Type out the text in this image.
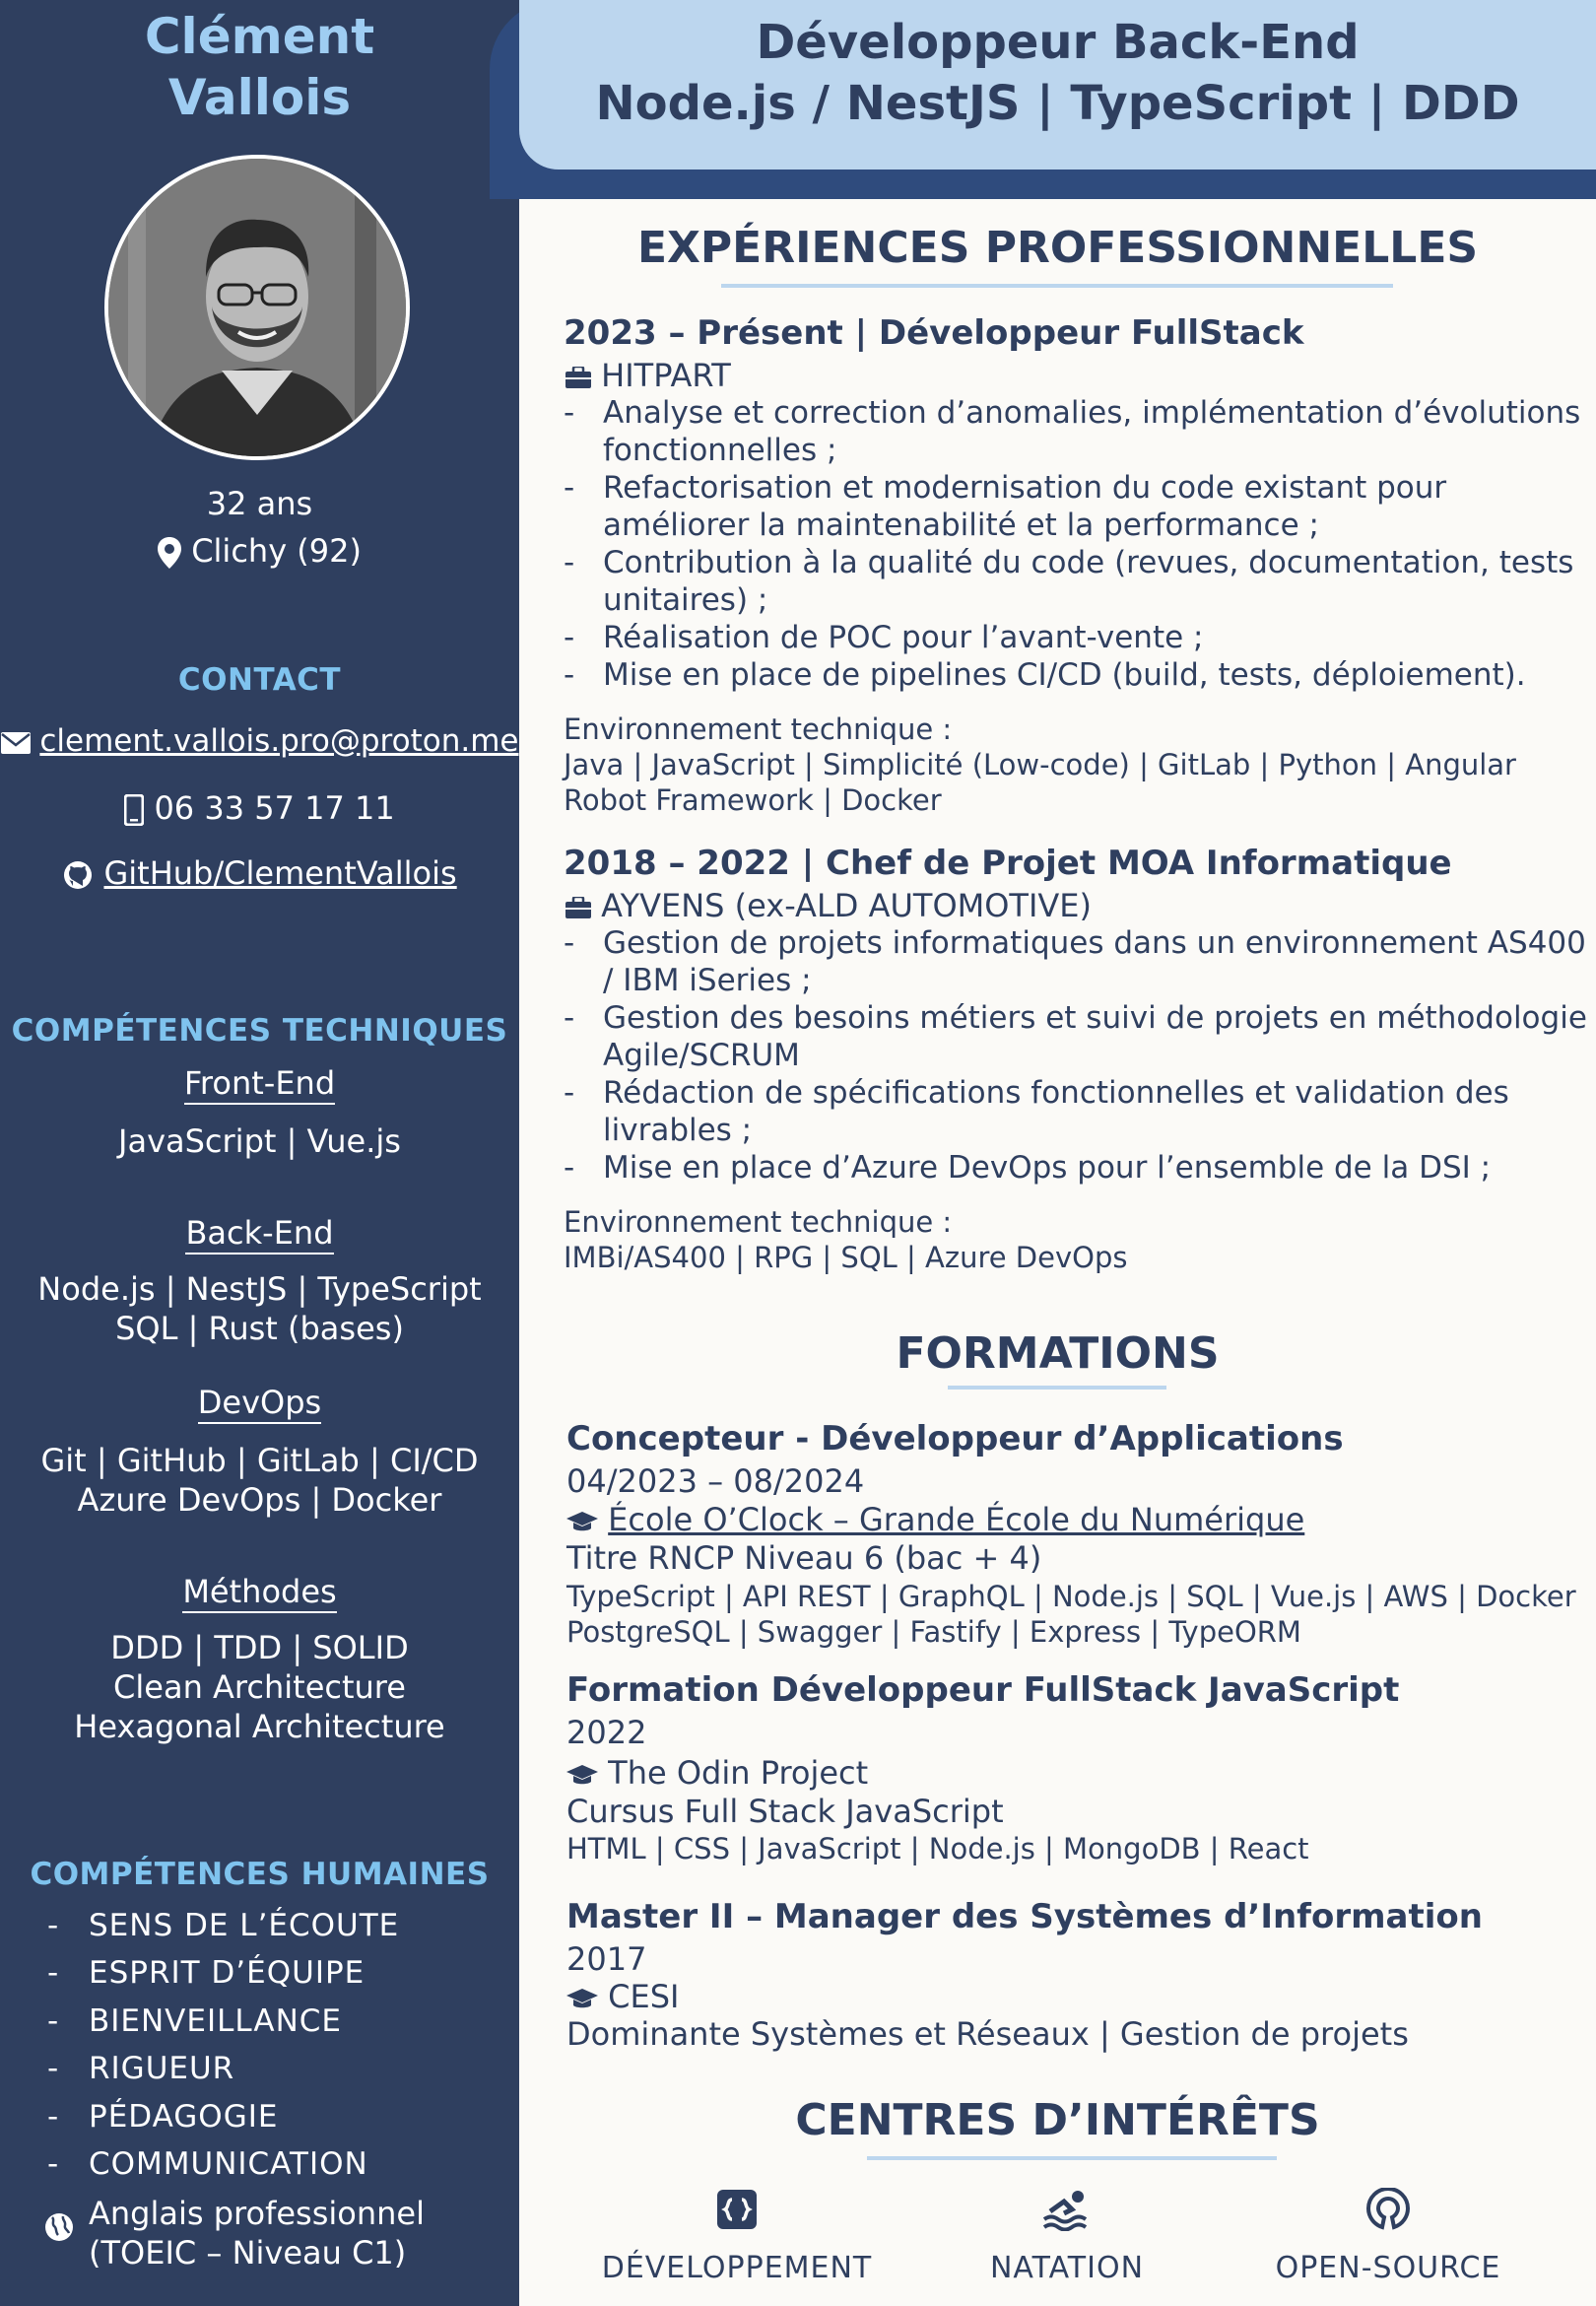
Clément
Vallois
32 ans
Clichy (92)
CONTACT
clement.vallois.pro@proton.me
06 33 57 17 11
GitHub/ClementVallois
COMPÉTENCES TECHNIQUES
Front-End
JavaScript | Vue.js
Back-End
Node.js | NestJS | TypeScript
SQL | Rust (bases)
DevOps
Git | GitHub | GitLab | CI/CD
Azure DevOps | Docker
Méthodes
DDD | TDD | SOLID
Clean Architecture
Hexagonal Architecture
COMPÉTENCES HUMAINES
- SENS DE L’ÉCOUTE
- ESPRIT D’ÉQUIPE
- BIENVEILLANCE
- RIGUEUR
- PÉDAGOGIE
- COMMUNICATION
Anglais professionnel
(TOEIC – Niveau C1)
Développeur Back-End
Node.js / NestJS | TypeScript | DDD
EXPÉRIENCES PROFESSIONNELLES
2023 – Présent | Développeur FullStack
HITPART
- Analyse et correction d’anomalies, implémentation d’évolutions fonctionnelles ;
- Refactorisation et modernisation du code existant pour améliorer la maintenabilité et la performance ;
- Contribution à la qualité du code (revues, documentation, tests unitaires) ;
- Réalisation de POC pour l’avant-vente ;
- Mise en place de pipelines CI/CD (build, tests, déploiement).
Environnement technique :
Java | JavaScript | Simplicité (Low-code) | GitLab | Python | Angular
Robot Framework | Docker
2018 – 2022 | Chef de Projet MOA Informatique
AYVENS (ex-ALD AUTOMOTIVE)
- Gestion de projets informatiques dans un environnement AS400 / IBM iSeries ;
- Gestion des besoins métiers et suivi de projets en méthodologie Agile/SCRUM
- Rédaction de spécifications fonctionnelles et validation des livrables ;
- Mise en place d’Azure DevOps pour l’ensemble de la DSI ;
Environnement technique :
IMBi/AS400 | RPG | SQL | Azure DevOps
FORMATIONS
Concepteur - Développeur d’Applications
04/2023 – 08/2024
École O’Clock – Grande École du Numérique
Titre RNCP Niveau 6 (bac + 4)
TypeScript | API REST | GraphQL | Node.js | SQL | Vue.js | AWS | Docker
PostgreSQL | Swagger | Fastify | Express | TypeORM
Formation Développeur FullStack JavaScript
2022
The Odin Project
Cursus Full Stack JavaScript
HTML | CSS | JavaScript | Node.js | MongoDB | React
Master II – Manager des Systèmes d’Information
2017
CESI
Dominante Systèmes et Réseaux | Gestion de projets
CENTRES D’INTÉRÊTS
DÉVELOPPEMENT	NATATION	OPEN-SOURCE
